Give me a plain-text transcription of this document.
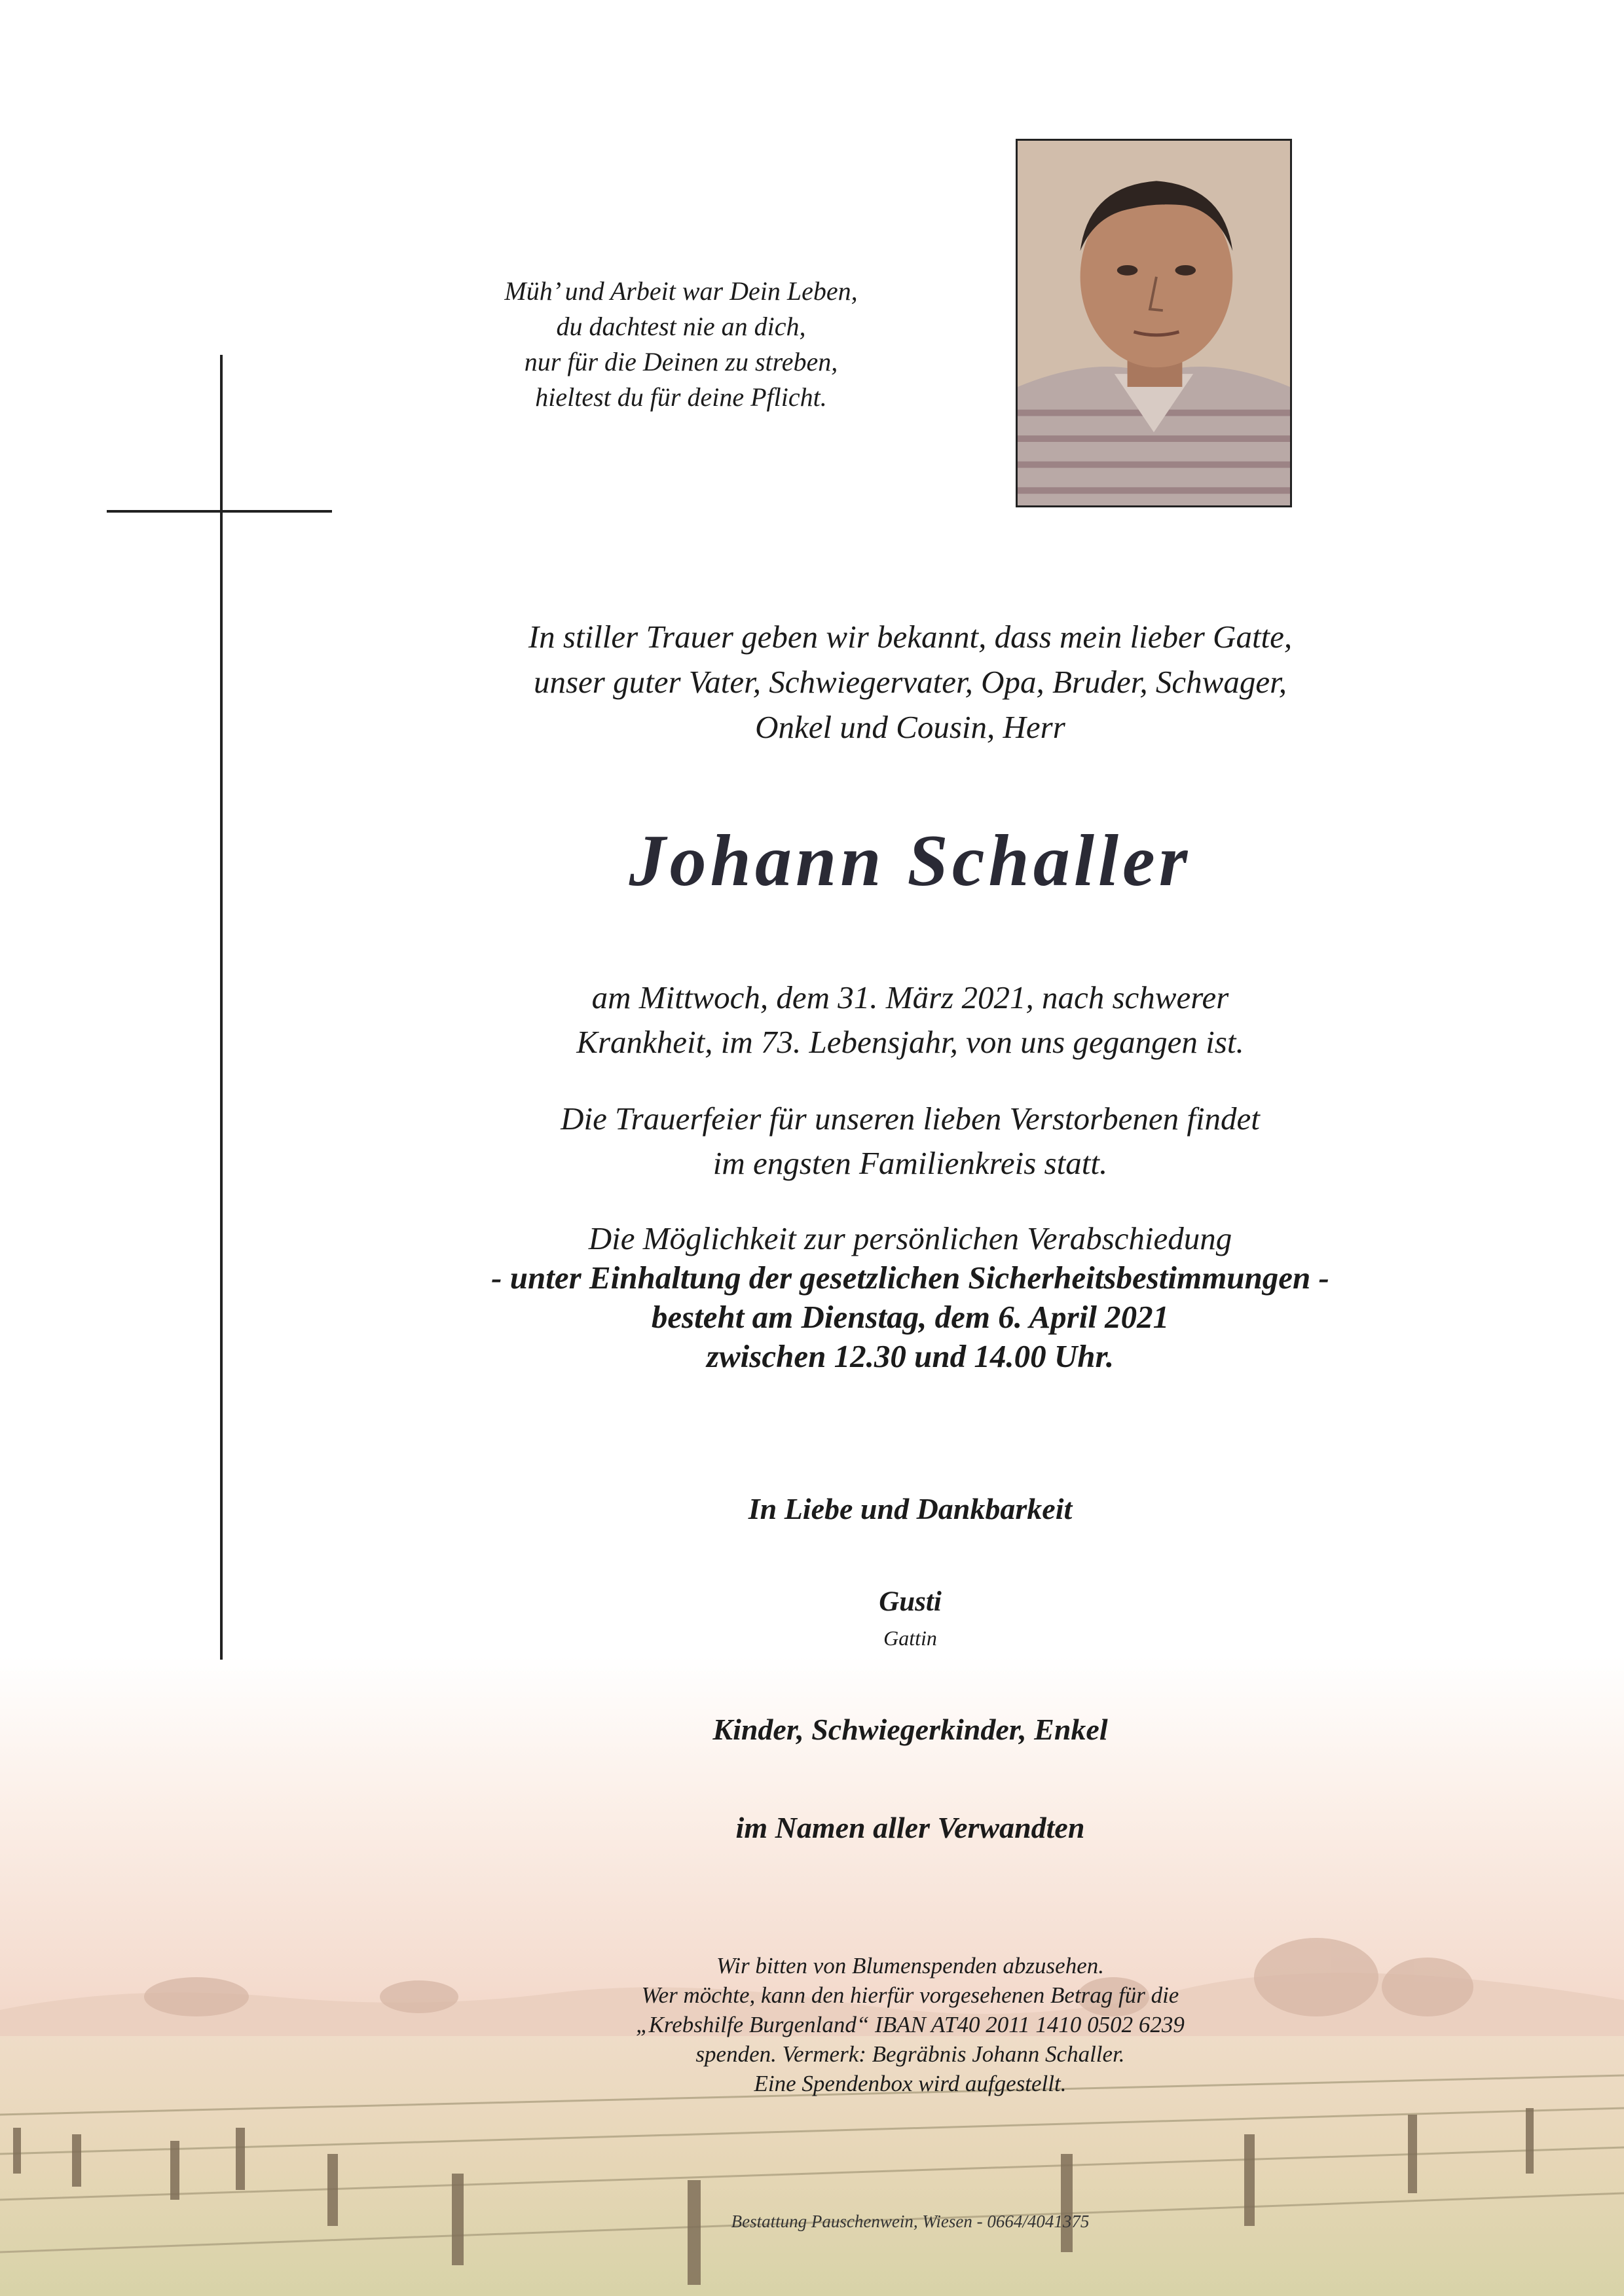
Müh’ und Arbeit war Dein Leben,
du dachtest nie an dich,
nur für die Deinen zu streben,
hieltest du für deine Pflicht.
In stiller Trauer geben wir bekannt, dass mein lieber Gatte,
unser guter Vater, Schwiegervater, Opa, Bruder, Schwager,
Onkel und Cousin, Herr
Johann Schaller
am Mittwoch, dem 31. März 2021, nach schwerer
Krankheit, im 73. Lebensjahr, von uns gegangen ist.
Die Trauerfeier für unseren lieben Verstorbenen findet
im engsten Familienkreis statt.
Die Möglichkeit zur persönlichen Verabschiedung
- unter Einhaltung der gesetzlichen Sicherheitsbestimmungen -
besteht am Dienstag, dem 6. April 2021
zwischen 12.30 und 14.00 Uhr.
In Liebe und Dankbarkeit
Gusti
Gattin
Kinder, Schwiegerkinder, Enkel
im Namen aller Verwandten
Wir bitten von Blumenspenden abzusehen.
Wer möchte, kann den hierfür vorgesehenen Betrag für die
„Krebshilfe Burgenland“ IBAN AT40 2011 1410 0502 6239
spenden. Vermerk: Begräbnis Johann Schaller.
Eine Spendenbox wird aufgestellt.
Bestattung Pauschenwein, Wiesen - 0664/4041375
